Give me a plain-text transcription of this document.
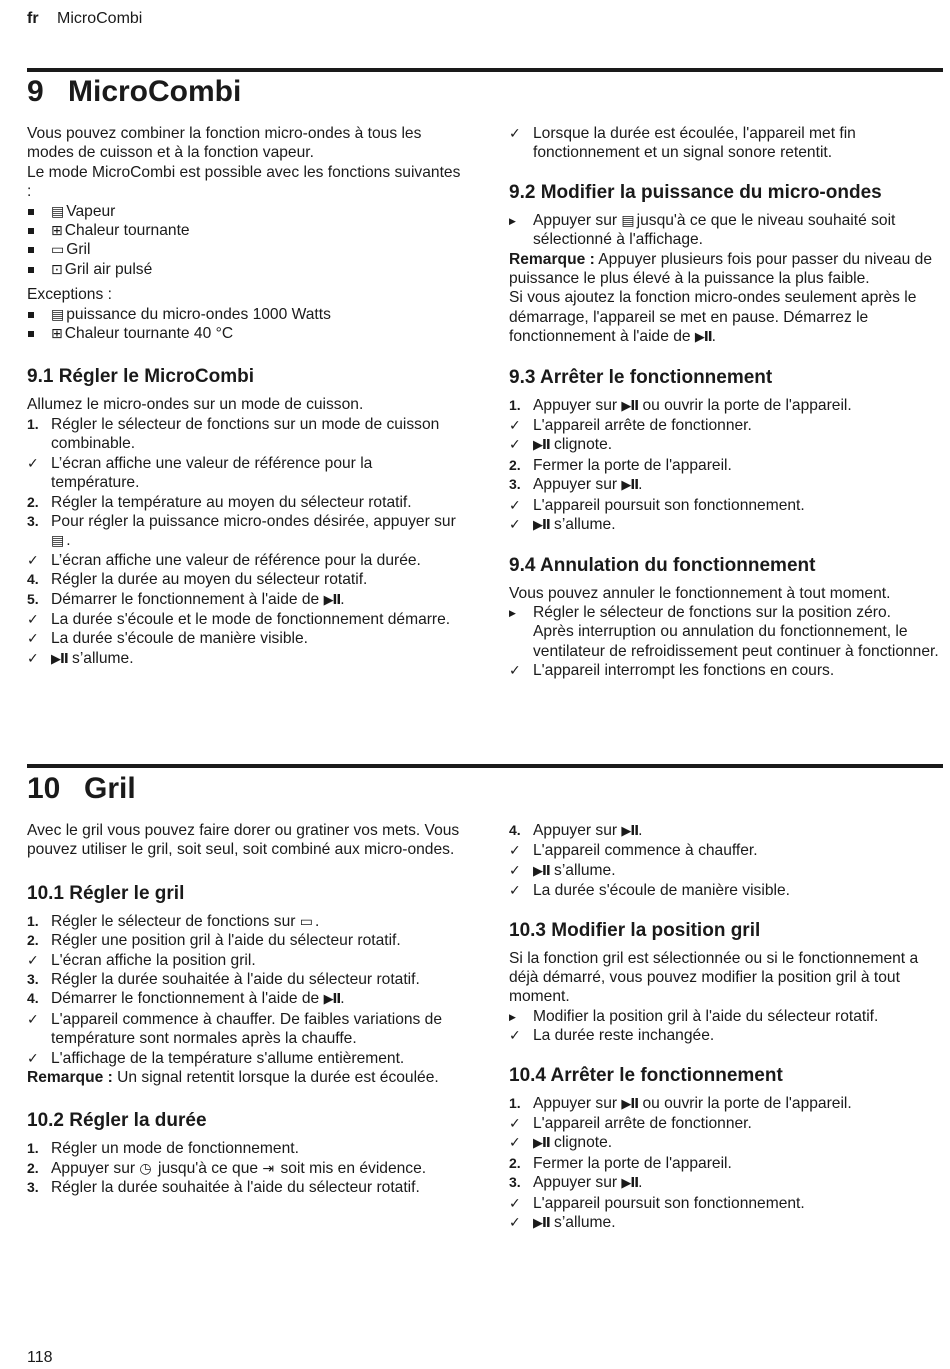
fr MicroCombi
9 MicroCombi

Vous pouvez combiner la fonction micro-ondes à tous les modes de cuisson et à la fonction vapeur.

Le mode MicroCombi est possible avec les fonctions suivantes :

▤ Vapeur
⊞ Chaleur tournante
▭ Gril
⊡ Gril air pulsé

Exceptions :

▤ puissance du micro-ondes 1000 Watts
⊞ Chaleur tournante 40 °C
9.1 Régler le MicroCombi

Allumez le micro-ondes sur un mode de cuisson.

1. Régler le sélecteur de fonctions sur un mode de cuisson combinable.
✓ L’écran affiche une valeur de référence pour la température.
2. Régler la température au moyen du sélecteur rotatif.
3. Pour régler la puissance micro-ondes désirée, appuyer sur ▤ .
✓ L’écran affiche une valeur de référence pour la durée.
4. Régler la durée au moyen du sélecteur rotatif.
5. Démarrer le fonctionnement à l'aide de ▶II.
✓ La durée s'écoule et le mode de fonctionnement démarre.
✓ La durée s'écoule de manière visible.
✓ ▶II s’allume.
✓ Lorsque la durée est écoulée, l'appareil met fin fonctionnement et un signal sonore retentit.
9.2 Modifier la puissance du micro-ondes
▶	Appuyer sur ▤ jusqu'à ce que le niveau souhaité soit sélectionné à l'affichage.

Remarque : Appuyer plusieurs fois pour passer du niveau de puissance le plus élevé à la puissance la plus faible.

Si vous ajoutez la fonction micro-ondes seulement après le démarrage, l'appareil se met en pause. Démarrez le fonctionnement à l'aide de ▶II.

9.3 Arrêter le fonctionnement
1. Appuyer sur ▶II ou ouvrir la porte de l'appareil.
✓ L'appareil arrête de fonctionner.
✓ ▶II clignote.
2. Fermer la porte de l'appareil.
3. Appuyer sur ▶II.
✓ L'appareil poursuit son fonctionnement.
✓ ▶II s’allume.
9.4 Annulation du fonctionnement

Vous pouvez annuler le fonctionnement à tout moment.

▶	Régler le sélecteur de fonctions sur la position zéro.
Après interruption ou annulation du fonctionnement, le ventilateur de refroidissement peut continuer à fonctionner.
✓ L'appareil interrompt les fonctions en cours.
10 Gril

Avec le gril vous pouvez faire dorer ou gratiner vos mets. Vous pouvez utiliser le gril, soit seul, soit combiné aux micro-ondes.

10.1 Régler le gril
1. Régler le sélecteur de fonctions sur ▭ .
2. Régler une position gril à l'aide du sélecteur rotatif.
✓ L'écran affiche la position gril.
3. Régler la durée souhaitée à l'aide du sélecteur rotatif.
4. Démarrer le fonctionnement à l'aide de ▶II.
✓ L'appareil commence à chauffer. De faibles variations de température sont normales après la chauffe.
✓ L'affichage de la température s'allume entièrement.

Remarque : Un signal retentit lorsque la durée est écoulée.

10.2 Régler la durée
1. Régler un mode de fonctionnement.
2. Appuyer sur ◷ jusqu'à ce que ⇥ soit mis en évidence.
3. Régler la durée souhaitée à l'aide du sélecteur rotatif.
4. Appuyer sur ▶II.
✓ L'appareil commence à chauffer.
✓ ▶II s’allume.
✓ La durée s'écoule de manière visible.
10.3 Modifier la position gril

Si la fonction gril est sélectionnée ou si le fonctionnement a déjà démarré, vous pouvez modifier la position gril à tout moment.

▶	Modifier la position gril à l'aide du sélecteur rotatif.
✓ La durée reste inchangée.
10.4 Arrêter le fonctionnement
1. Appuyer sur ▶II ou ouvrir la porte de l'appareil.
✓ L'appareil arrête de fonctionner.
✓ ▶II clignote.
2. Fermer la porte de l'appareil.
3. Appuyer sur ▶II.
✓ L'appareil poursuit son fonctionnement.
✓ ▶II s’allume.
118
